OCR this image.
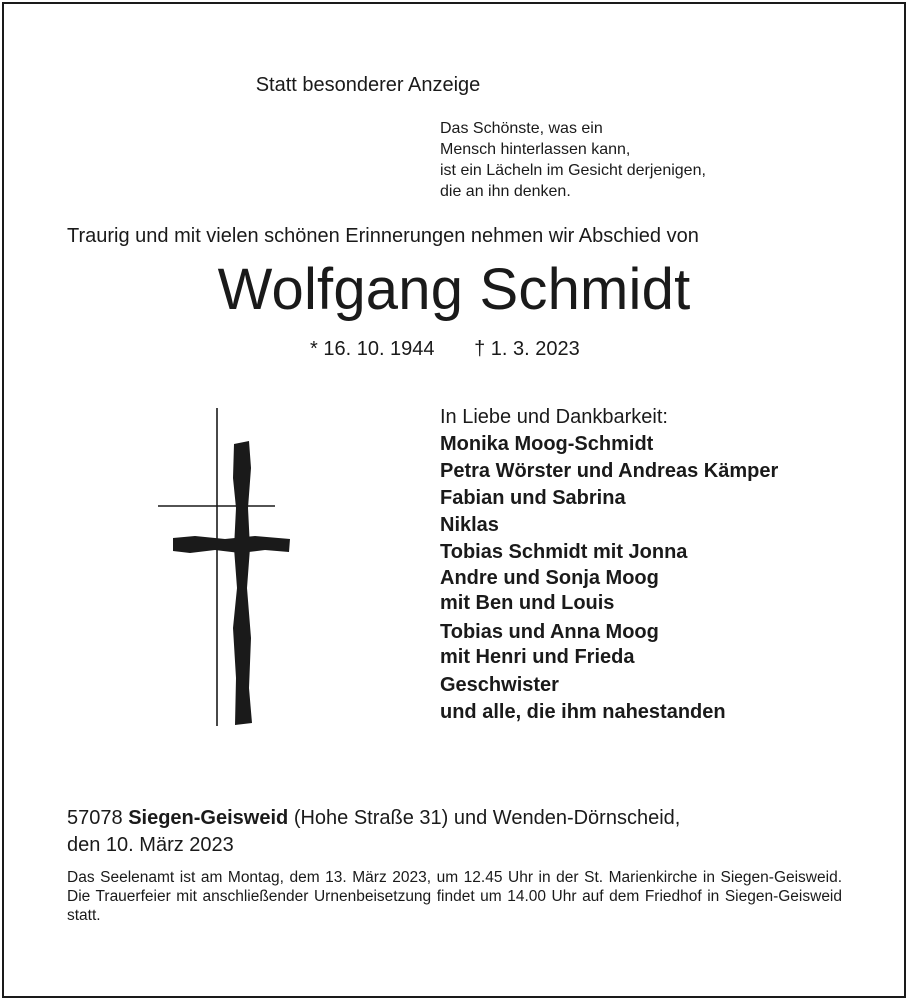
Statt besonderer Anzeige
Das Schönste, was ein
Mensch hinterlassen kann,
ist ein Lächeln im Gesicht derjenigen,
die an ihn denken.
Traurig und mit vielen schönen Erinnerungen nehmen wir Abschied von
Wolfgang Schmidt
* 16. 10. 1944 † 1. 3. 2023
In Liebe und Dankbarkeit:
Monika Moog-Schmidt
Petra Wörster und Andreas Kämper
Fabian und Sabrina
Niklas
Tobias Schmidt mit Jonna
Andre und Sonja Moog
mit Ben und Louis
Tobias und Anna Moog
mit Henri und Frieda
Geschwister
und alle, die ihm nahestanden
57078 Siegen-Geisweid (Hohe Straße 31) und Wenden-Dörnscheid,
den 10. März 2023
Das Seelenamt ist am Montag, dem 13. März 2023, um 12.45 Uhr in der St. Marienkirche in Siegen-Geisweid. Die Trauerfeier mit anschließender Urnenbeisetzung findet um 14.00 Uhr auf dem Friedhof in Siegen-Geisweid statt.
